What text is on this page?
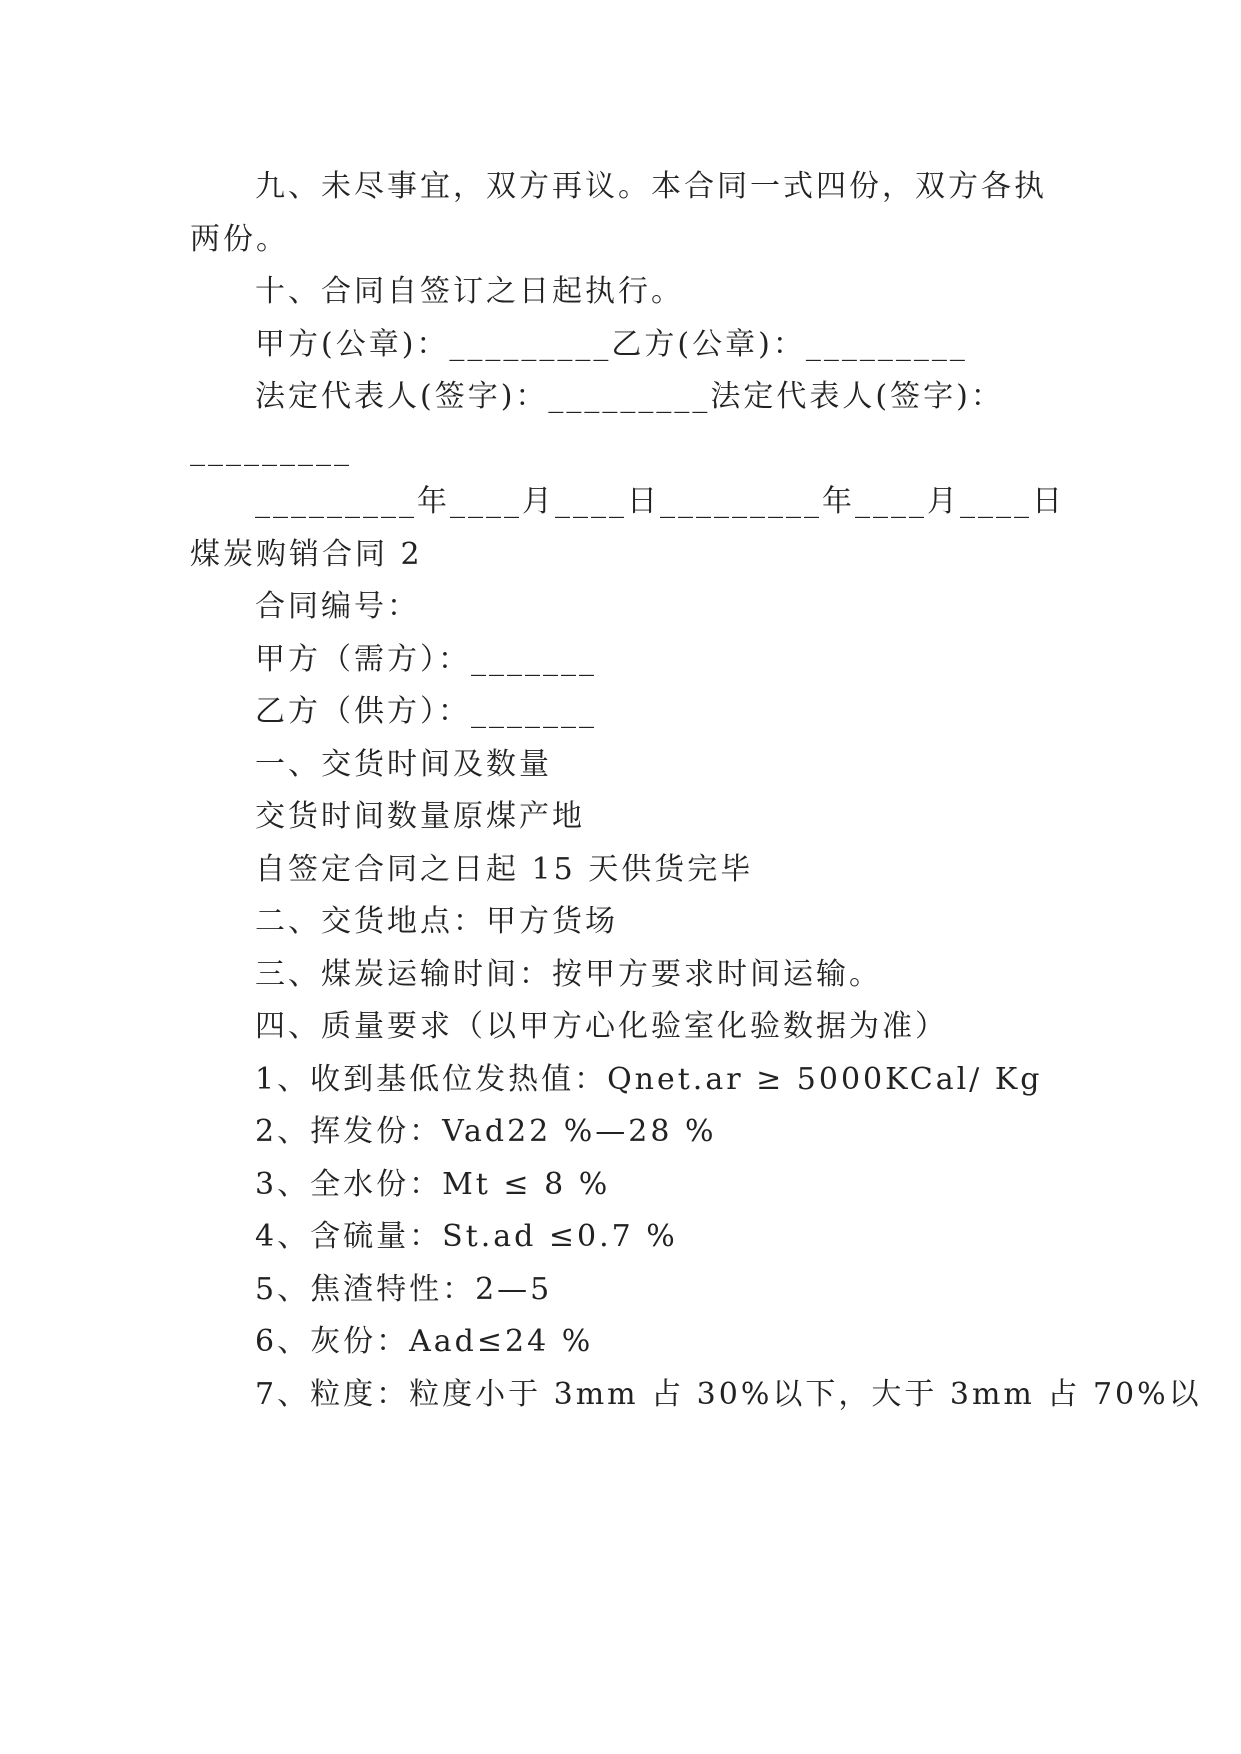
九、未尽事宜，双方再议。本合同一式四份，双方各执
两份。
十、合同自签订之日起执行。
甲方(公章)：_________乙方(公章)：_________
法定代表人(签字)：_________法定代表人(签字)：
_________
_________年____月____日_________年____月____日
煤炭购销合同 2
合同编号：
甲方（需方）：_______
乙方（供方）：_______
一、交货时间及数量
交货时间数量原煤产地
自签定合同之日起 15 天供货完毕
二、交货地点：甲方货场
三、煤炭运输时间：按甲方要求时间运输。
四、质量要求（以甲方心化验室化验数据为准）
1、收到基低位发热值：Qnet.ar ≥ 5000KCal/ Kg
2、挥发份：Vad22 %—28 %
3、全水份：Mt ≤ 8 %
4、含硫量：St.ad ≤0.7 %
5、焦渣特性：2—5
6、灰份：Aad≤24 %
7、粒度：粒度小于 3mm 占 30%以下，大于 3mm 占 70%以
